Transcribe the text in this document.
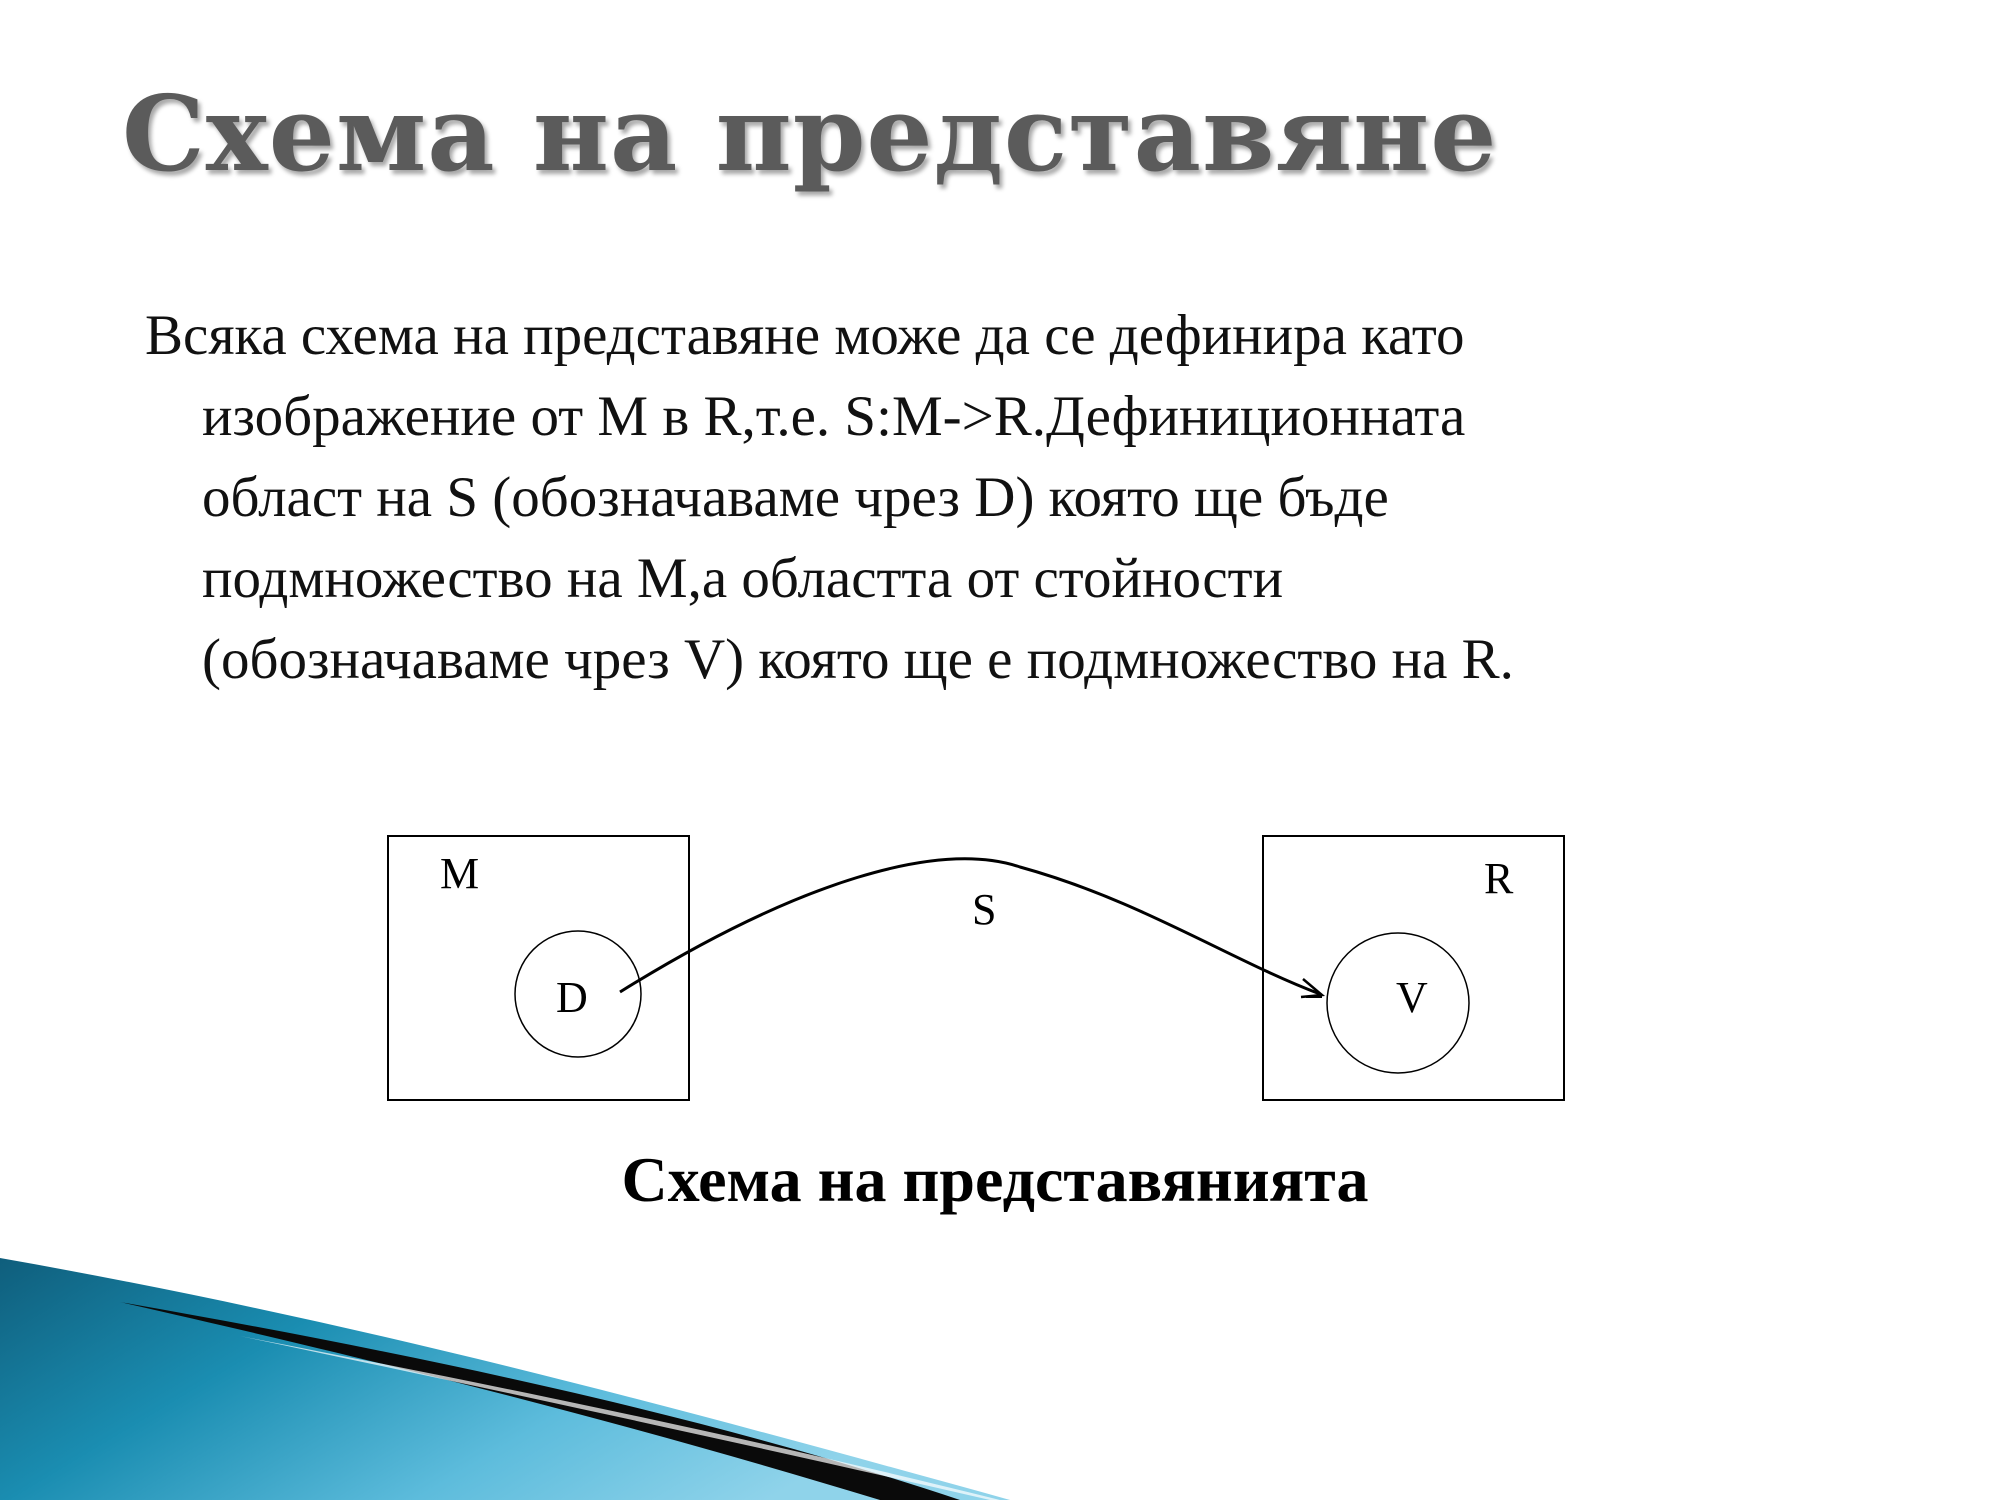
Схема на представяне
Всяка схема на представяне може да се дефинира като
изображение от M в R,т.е. S:M->R.Дефиниционната
област на S (обозначаваме чрез D) която ще бъде
подмножество на M,а областта от стойности
(обозначаваме чрез V) която ще е подмножество на R.
M
D
R
V
S
Схема на представянията
